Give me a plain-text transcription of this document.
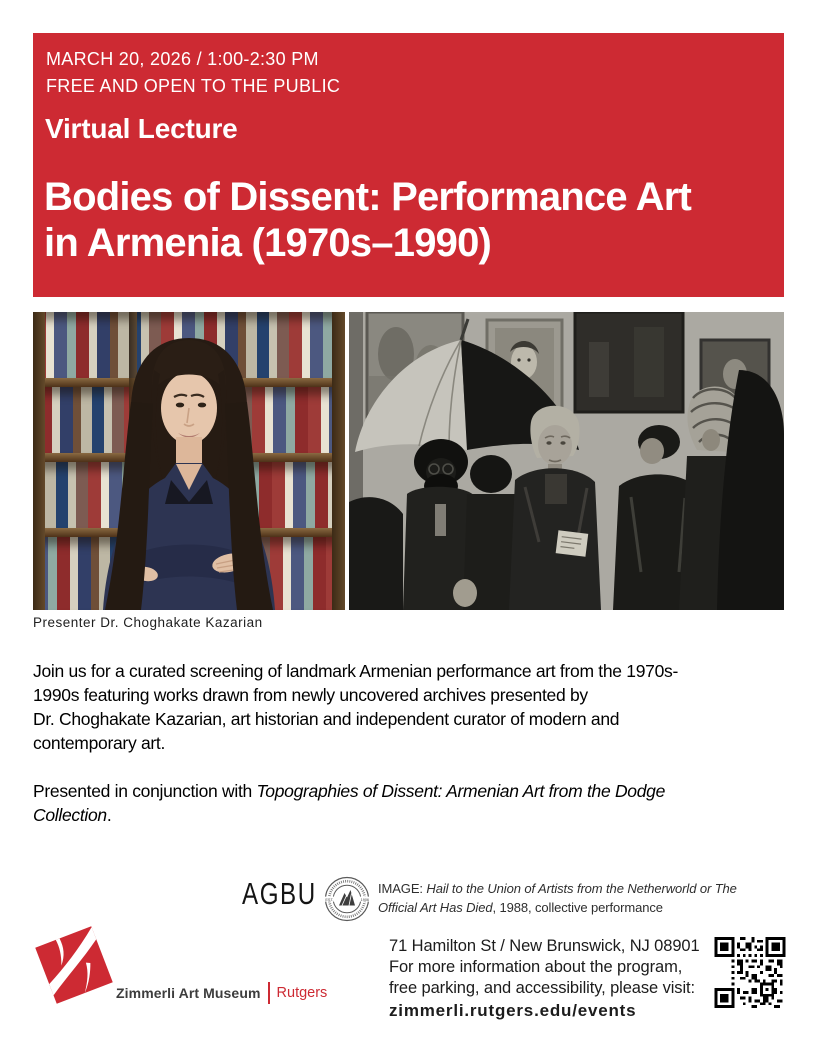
MARCH 20, 2026 / 1:00-2:30 PM
FREE AND OPEN TO THE PUBLIC
Virtual Lecture
Bodies of Dissent: Performance Art
in Armenia (1970s–1990)
Presenter Dr. Choghakate Kazarian
Join us for a curated screening of landmark Armenian performance art from the 1970s-
1990s featuring works drawn from newly uncovered archives presented by
Dr. Choghakate Kazarian, art historian and independent curator of modern and
contemporary art.
Presented in conjunction with Topographies of Dissent: Armenian Art from the Dodge
Collection.
AGBU EST.	1906
IMAGE: Hail to the Union of Artists from the Netherworld or The
Official Art Has Died, 1988, collective performance
Zimmerli Art Museum Rutgers
71 Hamilton St / New Brunswick, NJ 08901
For more information about the program,
free parking, and accessibility, please visit:
zimmerli.rutgers.edu/events
